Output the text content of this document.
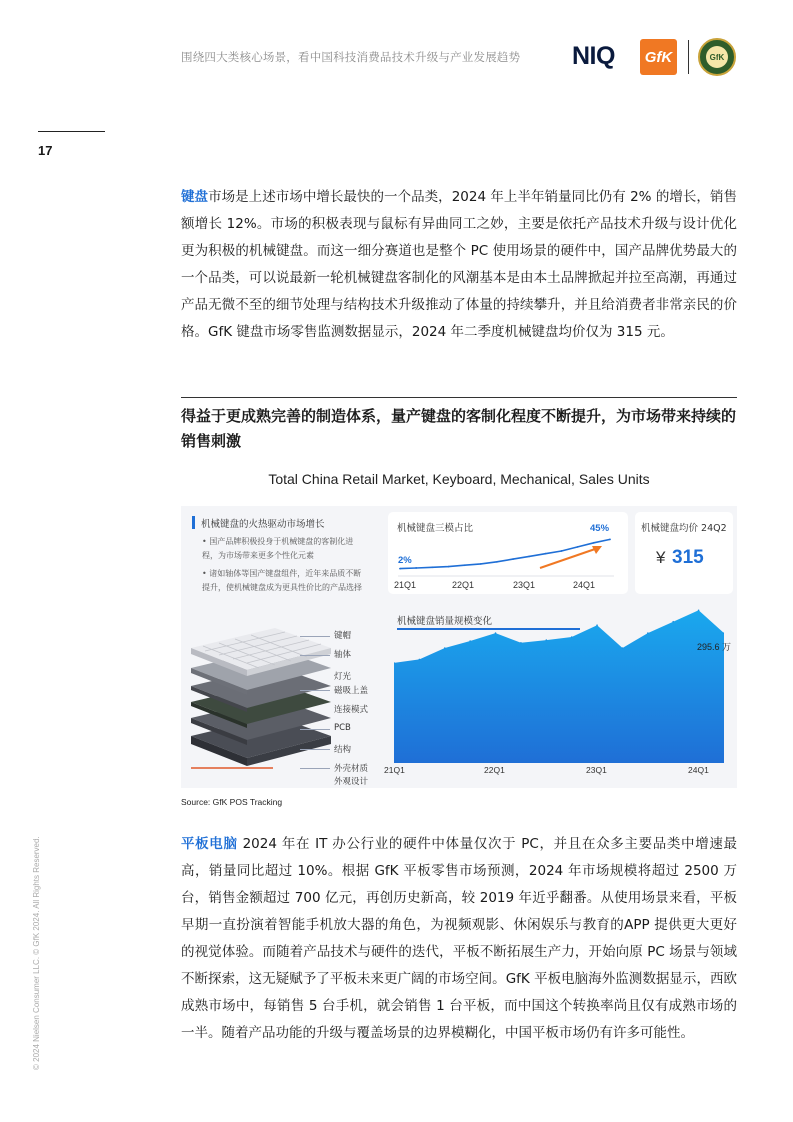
围绕四大类核心场景，看中国科技消费品技术升级与产业发展趋势 NIQ	GfK	GfK
17
键盘市场是上述市场中增长最快的一个品类，2024 年上半年销量同比仍有 2% 的增长，销售额增长 12%。市场的积极表现与鼠标有异曲同工之妙，主要是依托产品技术升级与设计优化更为积极的机械键盘。而这一细分赛道也是整个 PC 使用场景的硬件中，国产品牌优势最大的一个品类，可以说最新一轮机械键盘客制化的风潮基本是由本土品牌掀起并拉至高潮，再通过产品无微不至的细节处理与结构技术升级推动了体量的持续攀升，并且给消费者非常亲民的价格。GfK 键盘市场零售监测数据显示，2024 年二季度机械键盘均价仅为 315 元。
得益于更成熟完善的制造体系，量产键盘的客制化程度不断提升，为市场带来持续的销售刺激
Total China Retail Market, Keyboard, Mechanical, Sales Units
机械键盘的火热驱动市场增长
• 国产品牌积极投身于机械键盘的客制化进程，为市场带来更多个性化元素
• 诸如轴体等国产键盘组件，近年来品质不断提升，使机械键盘成为更具性价比的产品选择
键帽
轴体
灯光
磁吸上盖
连接模式
PCB
结构
外壳材质
外观设计
机械键盘三模占比
21Q1	22Q1	23Q1	24Q1
2%
45%	机械键盘均价 24Q2
¥ 315
机械键盘销量规模变化
295.6 万
21Q1	22Q1	23Q1	24Q1
Source: GfK POS Tracking
平板电脑 2024 年在 IT 办公行业的硬件中体量仅次于 PC，并且在众多主要品类中增速最高，销量同比超过 10%。根据 GfK 平板零售市场预测，2024 年市场规模将超过 2500 万台，销售金额超过 700 亿元，再创历史新高，较 2019 年近乎翻番。从使用场景来看，平板早期一直扮演着智能手机放大器的角色，为视频观影、休闲娱乐与教育的APP 提供更大更好的视觉体验。而随着产品技术与硬件的迭代，平板不断拓展生产力，开始向原 PC 场景与领域不断探索，这无疑赋予了平板未来更广阔的市场空间。GfK 平板电脑海外监测数据显示，西欧成熟市场中，每销售 5 台手机，就会销售 1 台平板，而中国这个转换率尚且仅有成熟市场的一半。随着产品功能的升级与覆盖场景的边界模糊化，中国平板市场仍有许多可能性。
© 2024 Nielsen Consumer LLC. © GfK 2024. All Rights Reserved.
